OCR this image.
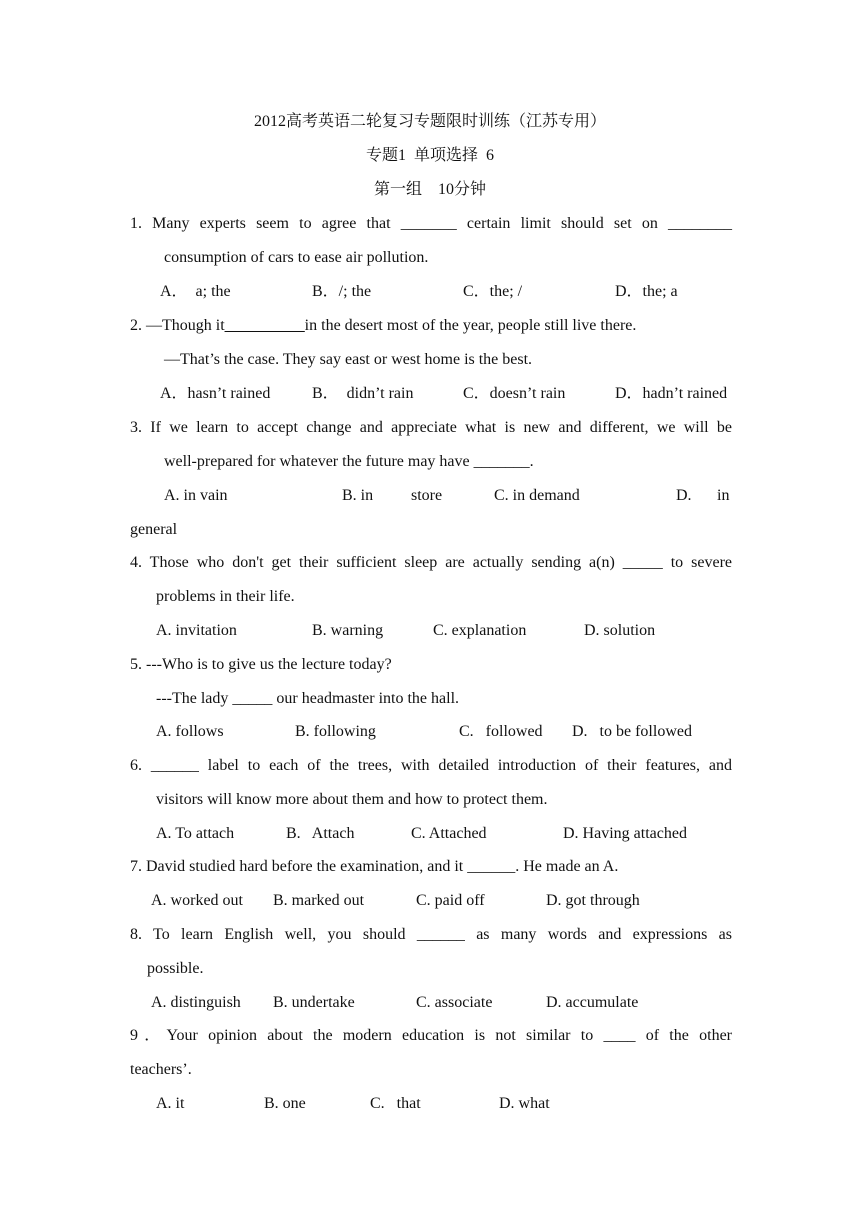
2012高考英语二轮复习专题限时训练（江苏专用）
专题1  单项选择  6
第一组    10分钟
1. Many experts seem to agree that _______ certain limit should set on ________
consumption of cars to ease air pollution.
A．  a; the	B．/; the	C．the; /	D．the; a
2. —Though it__________in the desert most of the year, people still live there.
—That’s the case. They say east or west home is the best.
A．hasn’t rained	B．  didn’t rain	C．doesn’t rain	D．hadn’t rained
3. If we learn to accept change and appreciate what is new and different, we will be
well-prepared for whatever the future may have _______.
A. in vain	B. in store	C. in demand	D. in
general
4. Those who don't get their sufficient sleep are actually sending a(n) _____ to severe
problems in their life.
A. invitation	B. warning	C. explanation	D. solution
5. ---Who is to give us the lecture today?
---The lady _____ our headmaster into the hall.
A. follows	B. following	C.   followed D.   to be followed
6. ______ label to each of the trees, with detailed introduction of their features, and
visitors will know more about them and how to protect them.
A. To attach	B.   Attach	C. Attached	D. Having attached
7. David studied hard before the examination, and it ______. He made an A.
A. worked out B. marked out	C. paid off	D. got through
8. To learn English well, you should ______ as many words and expressions as
possible.
A. distinguish B. undertake	C. associate	D. accumulate
9．Your opinion about the modern education is not similar to ____ of the other
teachers’.
A. it	B. one	C.   that	D. what
